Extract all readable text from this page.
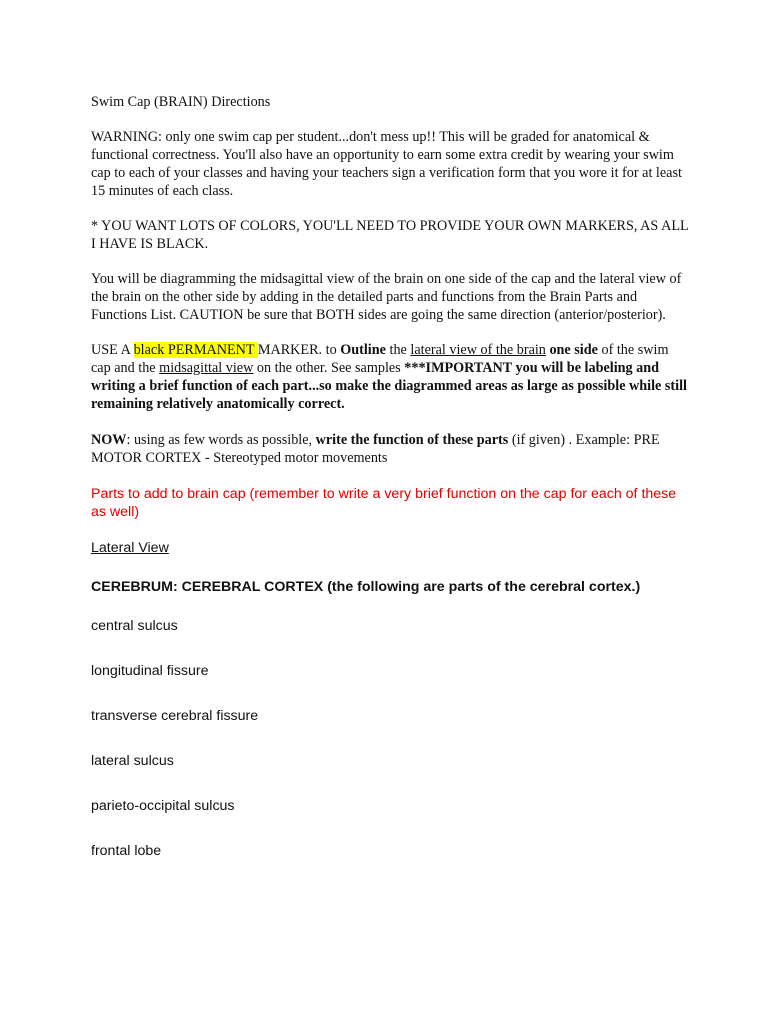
Swim Cap (BRAIN) Directions

WARNING: only one swim cap per student...don't mess up!! This will be graded for anatomical & functional correctness. You'll also have an opportunity to earn some extra credit by wearing your swim cap to each of your classes and having your teachers sign a verification form that you wore it for at least 15 minutes of each class.

* YOU WANT LOTS OF COLORS, YOU'LL NEED TO PROVIDE YOUR OWN MARKERS, AS ALL I HAVE IS BLACK.

You will be diagramming the midsagittal view of the brain on one side of the cap and the lateral view of the brain on the other side by adding in the detailed parts and functions from the Brain Parts and Functions List. CAUTION be sure that BOTH sides are going the same direction (anterior/posterior).

USE A black PERMANENT MARKER. to Outline the lateral view of the brain one side of the swim cap and the midsagittal view on the other. See samples ***IMPORTANT you will be labeling and writing a brief function of each part...so make the diagrammed areas as large as possible while still remaining relatively anatomically correct.

NOW: using as few words as possible, write the function of these parts (if given) . Example: PRE MOTOR CORTEX - Stereotyped motor movements

Parts to add to brain cap (remember to write a very brief function on the cap for each of these as well)

Lateral View

CEREBRUM: CEREBRAL CORTEX (the following are parts of the cerebral cortex.)

central sulcus

longitudinal fissure

transverse cerebral fissure

lateral sulcus

parieto-occipital sulcus

frontal lobe
